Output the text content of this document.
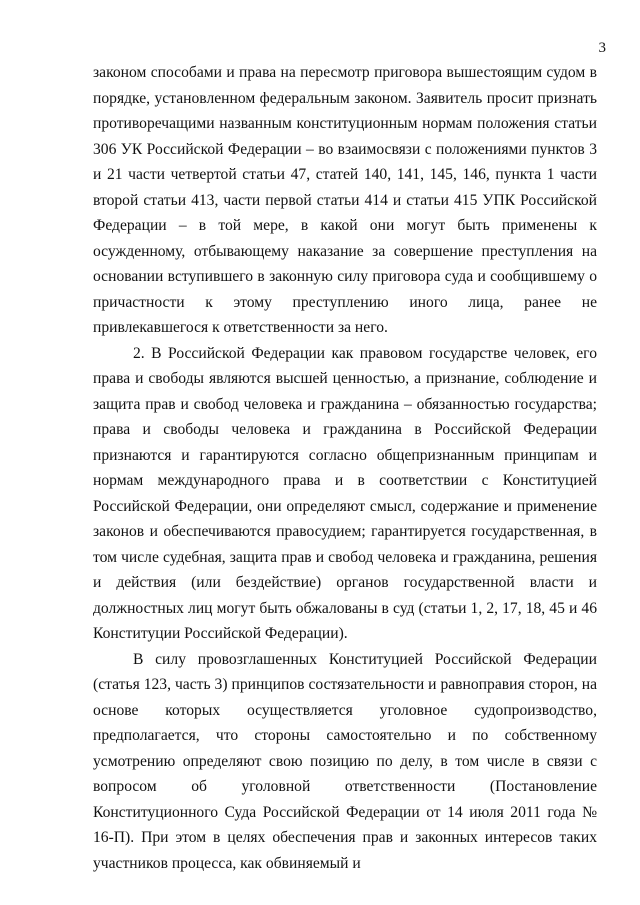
3

законом способами и права на пересмотр приговора вышестоящим судом в порядке, установленном федеральным законом. Заявитель просит признать противоречащими названным конституционным нормам положения статьи 306 УК Российской Федерации – во взаимосвязи с положениями пунктов 3 и 21 части четвертой статьи 47, статей 140, 141, 145, 146, пункта 1 части второй статьи 413, части первой статьи 414 и статьи 415 УПК Российской Федерации – в той мере, в какой они могут быть применены к осужденному, отбывающему наказание за совершение преступления на основании вступившего в законную силу приговора суда и сообщившему о причастности к этому преступлению иного лица, ранее не привлекавшегося к ответственности за него.

2. В Российской Федерации как правовом государстве человек, его права и свободы являются высшей ценностью, а признание, соблюдение и защита прав и свобод человека и гражданина – обязанностью государства; права и свободы человека и гражданина в Российской Федерации признаются и гарантируются согласно общепризнанным принципам и нормам международного права и в соответствии с Конституцией Российской Федерации, они определяют смысл, содержание и применение законов и обеспечиваются правосудием; гарантируется государственная, в том числе судебная, защита прав и свобод человека и гражданина, решения и действия (или бездействие) органов государственной власти и должностных лиц могут быть обжалованы в суд (статьи 1, 2, 17, 18, 45 и 46 Конституции Российской Федерации).

В силу провозглашенных Конституцией Российской Федерации (статья 123, часть 3) принципов состязательности и равноправия сторон, на основе которых осуществляется уголовное судопроизводство, предполагается, что стороны самостоятельно и по собственному усмотрению определяют свою позицию по делу, в том числе в связи с вопросом об уголовной ответственности (Постановление Конституционного Суда Российской Федерации от 14 июля 2011 года № 16-П). При этом в целях обеспечения прав и законных интересов таких участников процесса, как обвиняемый и
